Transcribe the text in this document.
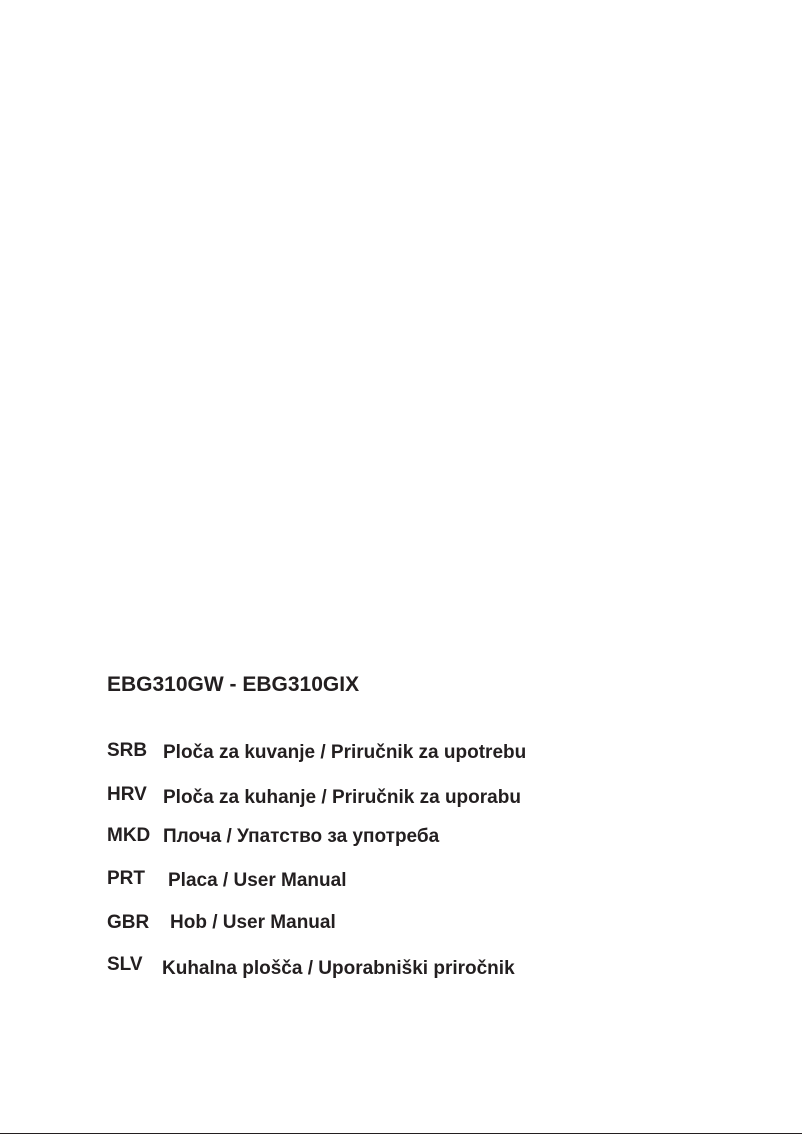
EBG310GW - EBG310GIX
SRB Ploča za kuvanje / Priručnik za upotrebu
HRV Ploča za kuhanje / Priručnik za uporabu
MKD Плоча / Упатство за употреба
PRT Placa / User Manual
GBR Hob / User Manual
SLV Kuhalna plošča / Uporabniški priročnik
